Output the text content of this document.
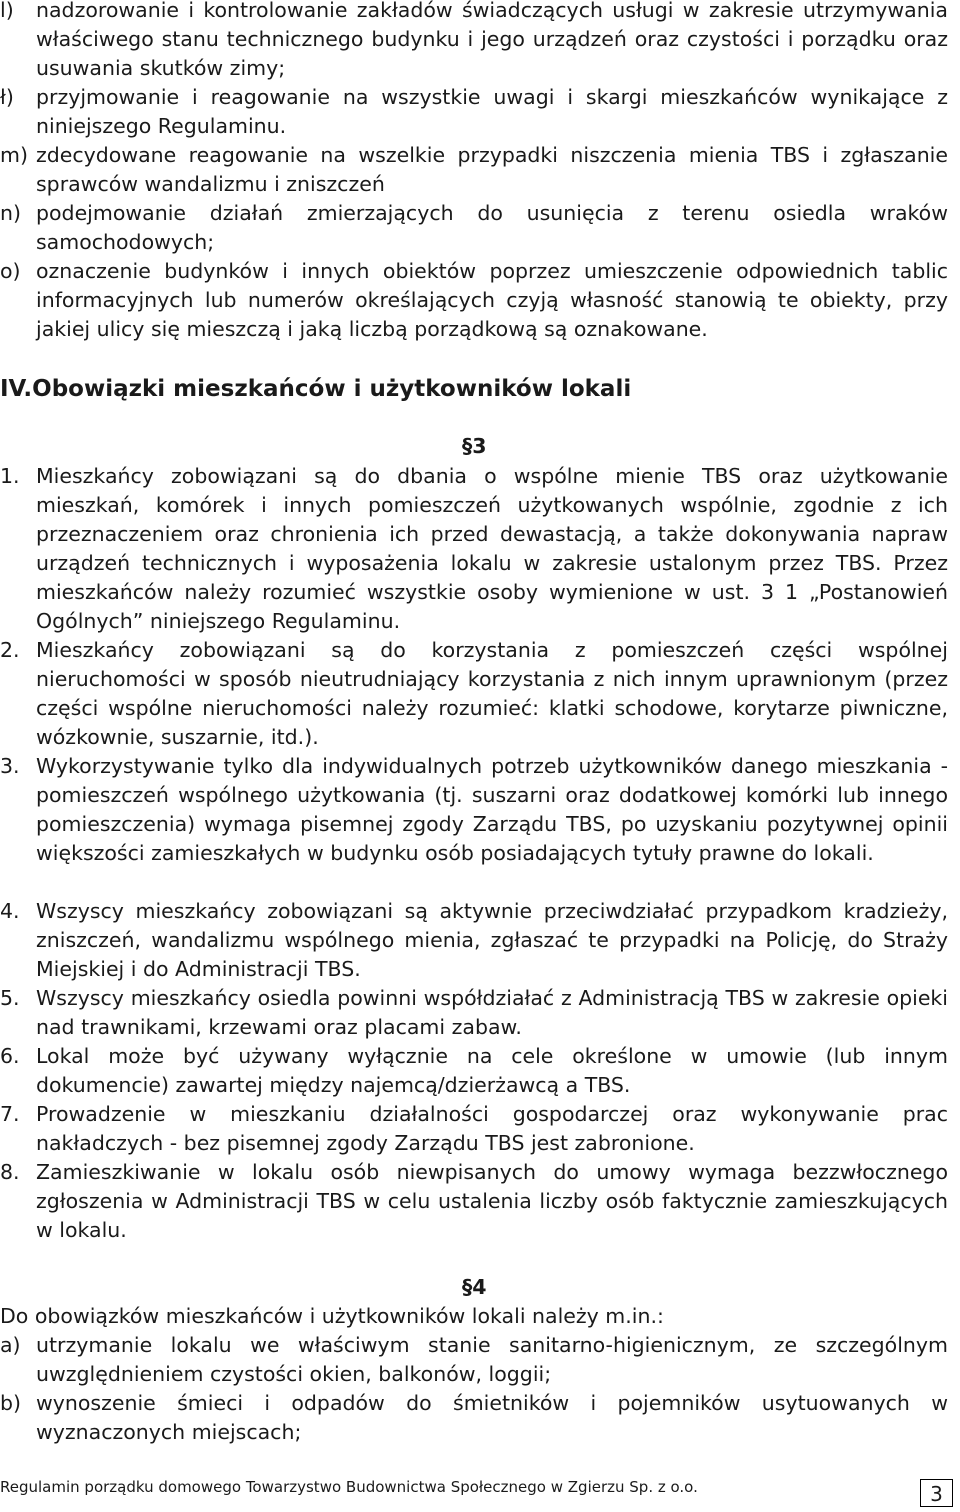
l) nadzorowanie i kontrolowanie zakładów świadczących usługi w zakresie utrzymywania właściwego stanu technicznego budynku i jego urządzeń oraz czystości i porządku oraz usuwania skutków zimy;
ł) przyjmowanie i reagowanie na wszystkie uwagi i skargi mieszkańców wynikające z niniejszego Regulaminu.
m) zdecydowane reagowanie na wszelkie przypadki niszczenia mienia TBS i zgłaszanie sprawców wandalizmu i zniszczeń
n) podejmowanie działań zmierzających do usunięcia z terenu osiedla wraków samochodowych;
o) oznaczenie budynków i innych obiektów poprzez umieszczenie odpowiednich tablic informacyjnych lub numerów określających czyją własność stanowią te obiekty, przy jakiej ulicy się mieszczą i jaką liczbą porządkową są oznakowane.
IV.Obowiązki mieszkańców i użytkowników lokali
§3
1. Mieszkańcy zobowiązani są do dbania o wspólne mienie TBS oraz użytkowanie mieszkań, komórek i innych pomieszczeń użytkowanych wspólnie, zgodnie z ich przeznaczeniem oraz chronienia ich przed dewastacją, a także dokonywania napraw urządzeń technicznych i wyposażenia lokalu w zakresie ustalonym przez TBS. Przez mieszkańców należy rozumieć wszystkie osoby wymienione w ust. 3 1 „Postanowień Ogólnych” niniejszego Regulaminu.
2. Mieszkańcy zobowiązani są do korzystania z pomieszczeń części wspólnej nieruchomości w sposób nieutrudniający korzystania z nich innym uprawnionym (przez części wspólne nieruchomości należy rozumieć: klatki schodowe, korytarze piwniczne, wózkownie, suszarnie, itd.).
3. Wykorzystywanie tylko dla indywidualnych potrzeb użytkowników danego mieszkania - pomieszczeń wspólnego użytkowania (tj. suszarni oraz dodatkowej komórki lub innego pomieszczenia) wymaga pisemnej zgody Zarządu TBS, po uzyskaniu pozytywnej opinii większości zamieszkałych w budynku osób posiadających tytuły prawne do lokali.
4. Wszyscy mieszkańcy zobowiązani są aktywnie przeciwdziałać przypadkom kradzieży, zniszczeń, wandalizmu wspólnego mienia, zgłaszać te przypadki na Policję, do Straży Miejskiej i do Administracji TBS.
5. Wszyscy mieszkańcy osiedla powinni współdziałać z Administracją TBS w zakresie opieki nad trawnikami, krzewami oraz placami zabaw.
6. Lokal może być używany wyłącznie na cele określone w umowie (lub innym dokumencie) zawartej między najemcą/dzierżawcą a TBS.
7. Prowadzenie w mieszkaniu działalności gospodarczej oraz wykonywanie prac nakładczych - bez pisemnej zgody Zarządu TBS jest zabronione.
8. Zamieszkiwanie w lokalu osób niewpisanych do umowy wymaga bezzwłocznego zgłoszenia w Administracji TBS w celu ustalenia liczby osób faktycznie zamieszkujących w lokalu.
§4
Do obowiązków mieszkańców i użytkowników lokali należy m.in.:
a) utrzymanie lokalu we właściwym stanie sanitarno-higienicznym, ze szczególnym uwzględnieniem czystości okien, balkonów, loggii;
b) wynoszenie śmieci i odpadów do śmietników i pojemników usytuowanych w wyznaczonych miejscach;
Regulamin porządku domowego Towarzystwo Budownictwa Społecznego w Zgierzu Sp. z o.o.	3
